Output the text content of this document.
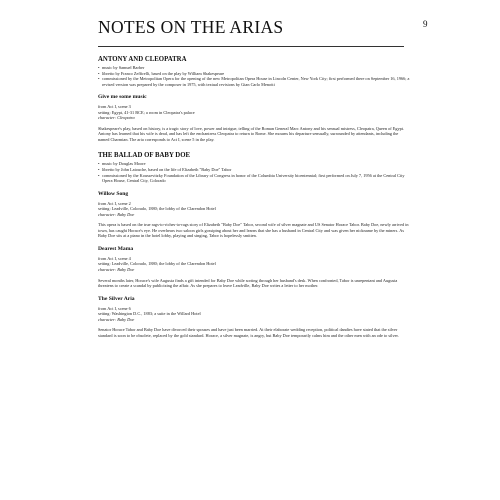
NOTES ON THE ARIAS	9
ANTONY AND CLEOPATRA
• music by Samuel Barber
• libretto by Franco Zeffirelli, based on the play by William Shakespeare
• commissioned by the Metropolitan Opera for the opening of the new Metropolitan Opera House in Lincoln Center, New York City; first performed there on September 16, 1966; a revised version was prepared by the composer in 1975, with textual revisions by Gian Carlo Menotti
Give me some music

from Act I, scene 3

setting: Egypt, 41-31 BCE; a room in Cleopatra's palace

character: Cleopatra

Shakespeare's play, based on history, is a tragic story of love, power and intrigue, telling of the Roman General Marc Antony and his sensual mistress, Cleopatra, Queen of Egypt. Antony has learned that his wife is dead, and has left the enchantress Cleopatra to return to Rome. She mourns his departure sensually, surrounded by attendants, including the named Charmian. The aria corresponds to Act I, scene 5 in the play.

THE BALLAD OF BABY DOE
• music by Douglas Moore
• libretto by John Latouche, based on the life of Elizabeth "Baby Doe" Tabor
• commissioned by the Koussevitzky Foundation of the Library of Congress in honor of the Columbia University bicentennial; first performed on July 7, 1956 at the Central City Opera House, Central City, Colorado
Willow Song

from Act I, scene 2

setting: Leadville, Colorado, 1880; the lobby of the Clarendon Hotel

character: Baby Doe

This opera is based on the true rags-to-riches-to-rags story of Elizabeth "Baby Doe" Tabor, second wife of silver magnate and US Senator Horace Tabor. Baby Doe, newly arrived in town, has caught Horace's eye. He overhears two saloon girls gossiping about her and learns that she has a husband in Central City and was given her nickname by the miners. As Baby Doe sits at a piano in the hotel lobby, playing and singing, Tabor is hopelessly smitten.

Dearest Mama

from Act I, scene 4

setting: Leadville, Colorado, 1880; the lobby of the Clarendon Hotel

character: Baby Doe

Several months later, Horace's wife Augusta finds a gift intended for Baby Doe while sorting through her husband's desk. When confronted, Tabor is unrepentant and Augusta threatens to create a scandal by publicizing the affair. As she prepares to leave Leadville, Baby Doe writes a letter to her mother.

The Silver Aria

from Act I, scene 6

setting: Washington D.C., 1883; a suite in the Willard Hotel

character: Baby Doe

Senator Horace Tabor and Baby Doe have divorced their spouses and have just been married. At their elaborate wedding reception, political dandies have stated that the silver standard is soon to be obsolete, replaced by the gold standard. Horace, a silver magnate, is angry, but Baby Doe temporarily calms him and the other men with an ode to silver.
